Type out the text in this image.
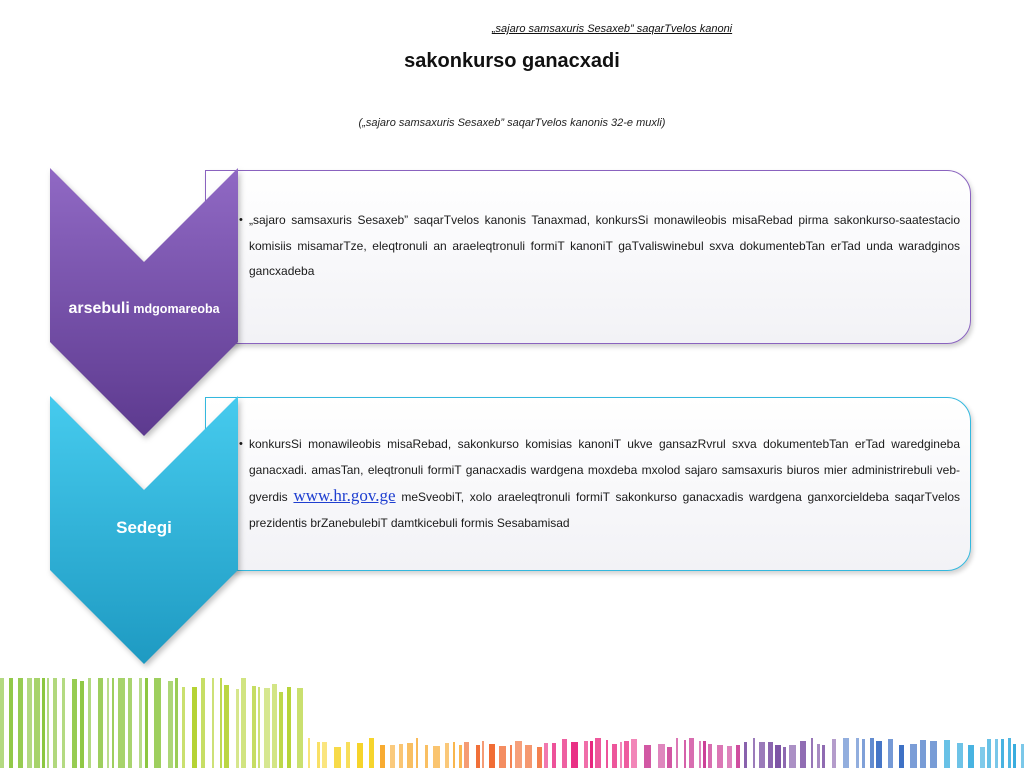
„sajaro samsaxuris Sesaxeb” saqarTvelos kanoni
sakonkurso ganacxadi
(„sajaro samsaxuris Sesaxeb” saqarTvelos kanonis 32-e muxli)
• „sajaro samsaxuris Sesaxeb” saqarTvelos kanonis Tanaxmad, konkursSi monawileobis misaRebad pirma sakonkurso-saatestacio komisiis misamarTze, eleqtronuli an araeleqtronuli formiT kanoniT gaTvaliswinebul sxva dokumentebTan erTad unda waradginos gancxadeba
arsebuli mdgomareoba
• konkursSi monawileobis misaRebad, sakonkurso komisias kanoniT ukve gansazRvrul sxva dokumentebTan erTad waredgineba ganacxadi. amasTan, eleqtronuli formiT ganacxadis wardgena moxdeba mxolod sajaro samsaxuris biuros mier administrirebuli veb-gverdis www.hr.gov.ge meSveobiT, xolo araeleqtronuli formiT sakonkurso ganacxadis wardgena ganxorcieldeba saqarTvelos prezidentis brZanebulebiT damtkicebuli formis Sesabamisad
Sedegi
